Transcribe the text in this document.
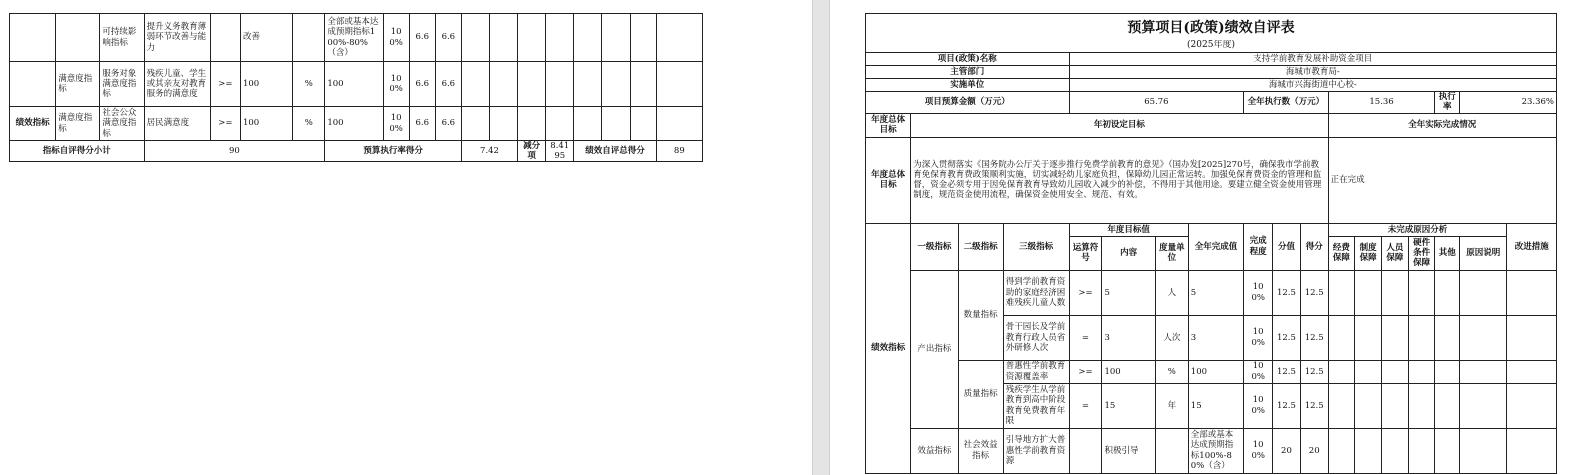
		可持续影响指标	提升义务教育薄弱环节改善与能力		改善		全部或基本达成预期指标100%-80%（含）	100%	6.6	6.6								
	满意度指标	服务对象满意度指标	残疾儿童、学生或其亲友对教育服务的满意度	>=	100	%	100	100%	6.6	6.6								
绩效指标	满意度指标	社会公众满意度指标	居民满意度	>=	100	%	100	100%	6.6	6.6								
指标自评得分小计			90				预算执行率得分				7.42		减分项	8.4195	绩效自评总得分			89
预算项目(政策)绩效自评表																	

(2025年度)																	
项目(政策)名称				支持学前教育发展补助资金项目													
主管部门				海城市教育局-													
实施单位				海城市兴海街道中心校-													
项目预算金额（万元）				65.76				全年执行数（万元）			15.36				执行率	23.36%	
年度总体目标	年初设定目标										全年实际完成情况						
年度总体目标	为深入贯彻落实《国务院办公厅关于逐步推行免费学前教育的意见》（国办发[2025]270号，确保我市学前教育免保育教育费政策顺利实施，切实减轻幼儿家庭负担，保障幼儿园正常运转。加强免保育费资金的管理和监督，资金必须专用于因免保育教育导致幼儿园收入减少的补偿，不得用于其他用途。要建立健全资金使用管理制度，规范资金使用流程，确保资金使用安全、规范、有效。										正在完成						
绩效指标	一级指标	二级指标	三级指标	年度目标值			全年完成值	完成程度	分值	得分	未完成原因分析						改进措施
				运算符号	内容	度量单位					经费保障	制度保障	人员保障	硬件条件保障	其他	原因说明	
	产出指标	数量指标	得到学前教育资助的家庭经济困难残疾儿童人数	>=	5	人	5	100%	12.5	12.5							
			骨干园长及学前教育行政人员省外研修人次	=	3	人次	3	100%	12.5	12.5							
		质量指标	普惠性学前教育资源覆盖率	>=	100	%	100	100%	12.5	12.5							
			残疾学生从学前教育到高中阶段教育免费教育年限	=	15	年	15	100%	12.5	12.5							
	效益指标	社会效益指标	引导地方扩大普惠性学前教育资源		积极引导		全部或基本达成预期指标100%-80%（含）	100%	20	20							
